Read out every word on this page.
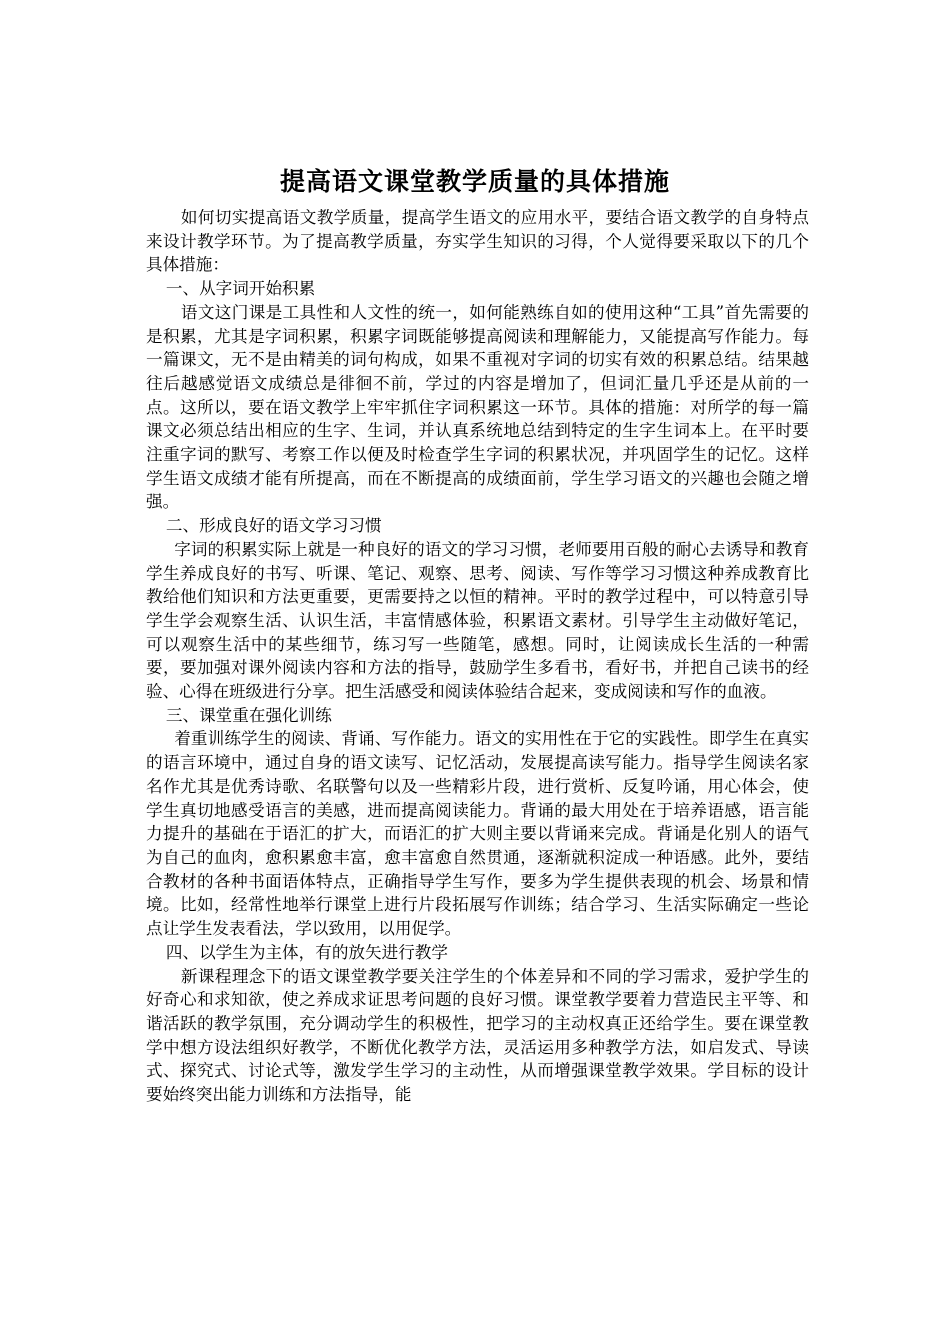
提高语文课堂教学质量的具体措施

如何切实提高语文教学质量，提高学生语文的应用水平，要结合语文教学的自身特点来设计教学环节。为了提高教学质量，夯实学生知识的习得，个人觉得要采取以下的几个具体措施：

一、从字词开始积累

语文这门课是工具性和人文性的统一，如何能熟练自如的使用这种“工具”首先需要的是积累，尤其是字词积累，积累字词既能够提高阅读和理解能力，又能提高写作能力。每一篇课文，无不是由精美的词句构成，如果不重视对字词的切实有效的积累总结。结果越往后越感觉语文成绩总是徘徊不前，学过的内容是增加了，但词汇量几乎还是从前的一点。这所以，要在语文教学上牢牢抓住字词积累这一环节。具体的措施：对所学的每一篇课文必须总结出相应的生字、生词，并认真系统地总结到特定的生字生词本上。在平时要注重字词的默写、考察工作以便及时检查学生字词的积累状况，并巩固学生的记忆。这样学生语文成绩才能有所提高，而在不断提高的成绩面前，学生学习语文的兴趣也会随之增强。

二、形成良好的语文学习习惯

字词的积累实际上就是一种良好的语文的学习习惯，老师要用百般的耐心去诱导和教育学生养成良好的书写、听课、笔记、观察、思考、阅读、写作等学习习惯这种养成教育比教给他们知识和方法更重要，更需要持之以恒的精神。平时的教学过程中，可以特意引导学生学会观察生活、认识生活，丰富情感体验，积累语文素材。引导学生主动做好笔记，可以观察生活中的某些细节，练习写一些随笔，感想。同时，让阅读成长生活的一种需要，要加强对课外阅读内容和方法的指导，鼓励学生多看书，看好书，并把自己读书的经验、心得在班级进行分享。把生活感受和阅读体验结合起来，变成阅读和写作的血液。

三、课堂重在强化训练

着重训练学生的阅读、背诵、写作能力。语文的实用性在于它的实践性。即学生在真实的语言环境中，通过自身的语文读写、记忆活动，发展提高读写能力。指导学生阅读名家名作尤其是优秀诗歌、名联警句以及一些精彩片段，进行赏析、反复吟诵，用心体会，使学生真切地感受语言的美感，进而提高阅读能力。背诵的最大用处在于培养语感，语言能力提升的基础在于语汇的扩大，而语汇的扩大则主要以背诵来完成。背诵是化别人的语气为自己的血肉，愈积累愈丰富，愈丰富愈自然贯通，逐渐就积淀成一种语感。此外，要结合教材的各种书面语体特点，正确指导学生写作，要多为学生提供表现的机会、场景和情境。比如，经常性地举行课堂上进行片段拓展写作训练；结合学习、生活实际确定一些论点让学生发表看法，学以致用，以用促学。

四、以学生为主体，有的放矢进行教学

新课程理念下的语文课堂教学要关注学生的个体差异和不同的学习需求，爱护学生的好奇心和求知欲，使之养成求证思考问题的良好习惯。课堂教学要着力营造民主平等、和谐活跃的教学氛围，充分调动学生的积极性，把学习的主动权真正还给学生。要在课堂教学中想方设法组织好教学，不断优化教学方法，灵活运用多种教学方法，如启发式、导读式、探究式、讨论式等，激发学生学习的主动性，从而增强课堂教学效果。学目标的设计要始终突出能力训练和方法指导，能
